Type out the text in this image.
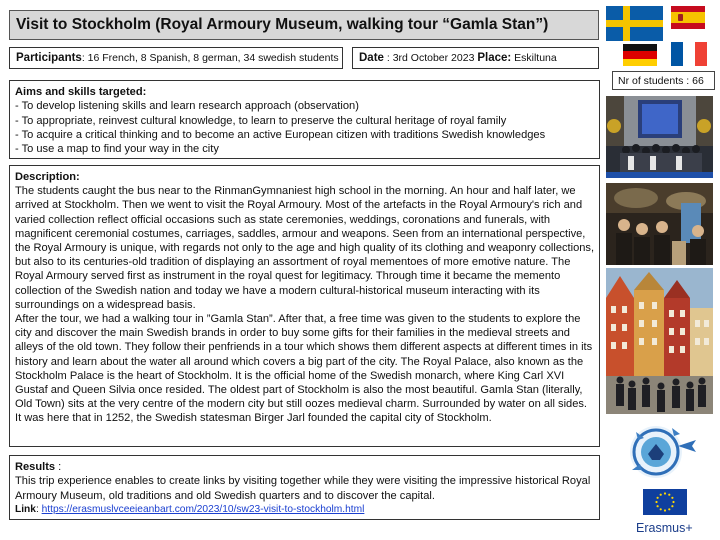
Visit to Stockholm (Royal Armoury Museum, walking tour “Gamla Stan”)
Participants: 16 French, 8 Spanish, 8 german, 34 swedish students Date : 3rd October 2023 Place: Eskiltuna
Aims and skills targeted:
- To develop listening skills and learn research approach (observation)
- To appropriate, reinvest cultural knowledge, to learn to preserve the cultural heritage of royal family
- To acquire a critical thinking and to become an active European citizen with traditions Swedish knowledges
- To use a map to find your way in the city
Description:
The students caught the bus near to the RinmanGymnaniest high school in the morning. An hour and half later, we arrived at Stockholm. Then we went to visit the Royal Armoury. Most of the artefacts in the Royal Armoury's rich and varied collection reflect official occasions such as state ceremonies, weddings, coronations and funerals, with magnificent ceremonial costumes, carriages, saddles, armour and weapons. Seen from an international perspective, the Royal Armoury is unique, with regards not only to the age and high quality of its clothing and weaponry collections, but also to its centuries-old tradition of displaying an assortment of royal mementoes of more emotive nature. The Royal Armoury served first as instrument in the royal quest for legitimacy. Through time it became the memento collection of the Swedish nation and today we have a modern cultural-historical museum interacting with its surroundings on a widespread basis.
After the tour, we had a walking tour in ”Gamla Stan”. After that, a free time was given to the students to explore the city and discover the main Swedish brands in order to buy some gifts for their families in the medieval streets and alleys of the old town. They follow their penfriends in a tour which shows them different aspects at different times in its history and learn about the water all around which covers a big part of the city. The Royal Palace, also known as the Stockholm Palace is the heart of Stockholm. It is the official home of the Swedish monarch, where King Carl XVI Gustaf and Queen Silvia once resided. The oldest part of Stockholm is also the most beautiful. Gamla Stan (literally, Old Town) sits at the very centre of the modern city but still oozes medieval charm. Surrounded by water on all sides. It was here that in 1252, the Swedish statesman Birger Jarl founded the capital city of Stockholm.
Results :
This trip experience enables to create links by visiting together while they were visiting the impressive historical Royal Armoury Museum, old traditions and old Swedish quarters and to discover the capital.
Link: https://erasmuslvceeieanbart.com/2023/10/sw23-visit-to-stockholm.html
Nr of students : 66
Erasmus+
